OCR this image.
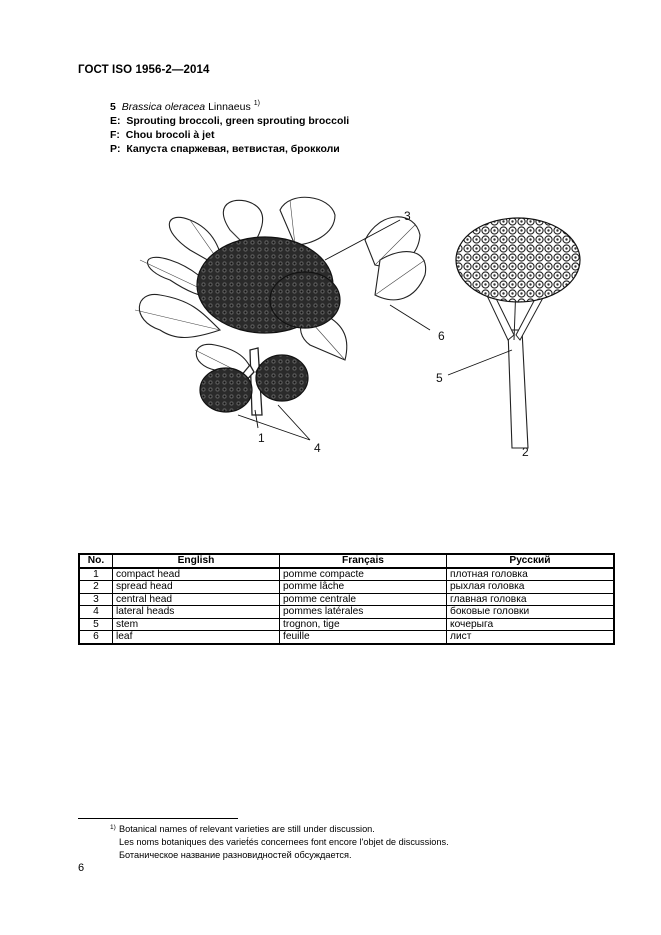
ГОСТ ISO 1956-2—2014
5 Brassica oleracea Linnaeus $^{1)}$
E: Sprouting broccoli, green sprouting broccoli
F: Chou brocoli à jet
P: Капуста спаржевая, ветвистая, брокколи
1
2
3
4
5
6
No.	English	Français	Русский
1	compact head	pomme compacte	плотная головка
2	spread head	pomme lâche	рыхлая головка
3	central head	pomme centrale	главная головка
4	lateral heads	pommes latérales	боковые головки
5	stem	trognon, tige	кочерыга
6	leaf	feuille	лист
1) Botanical names of relevant varieties are still under discussion.
Les noms botaniques des variet́és concernees font encore l'objet de discussions.
Ботаническое название разновидностей обсуждается.
6
